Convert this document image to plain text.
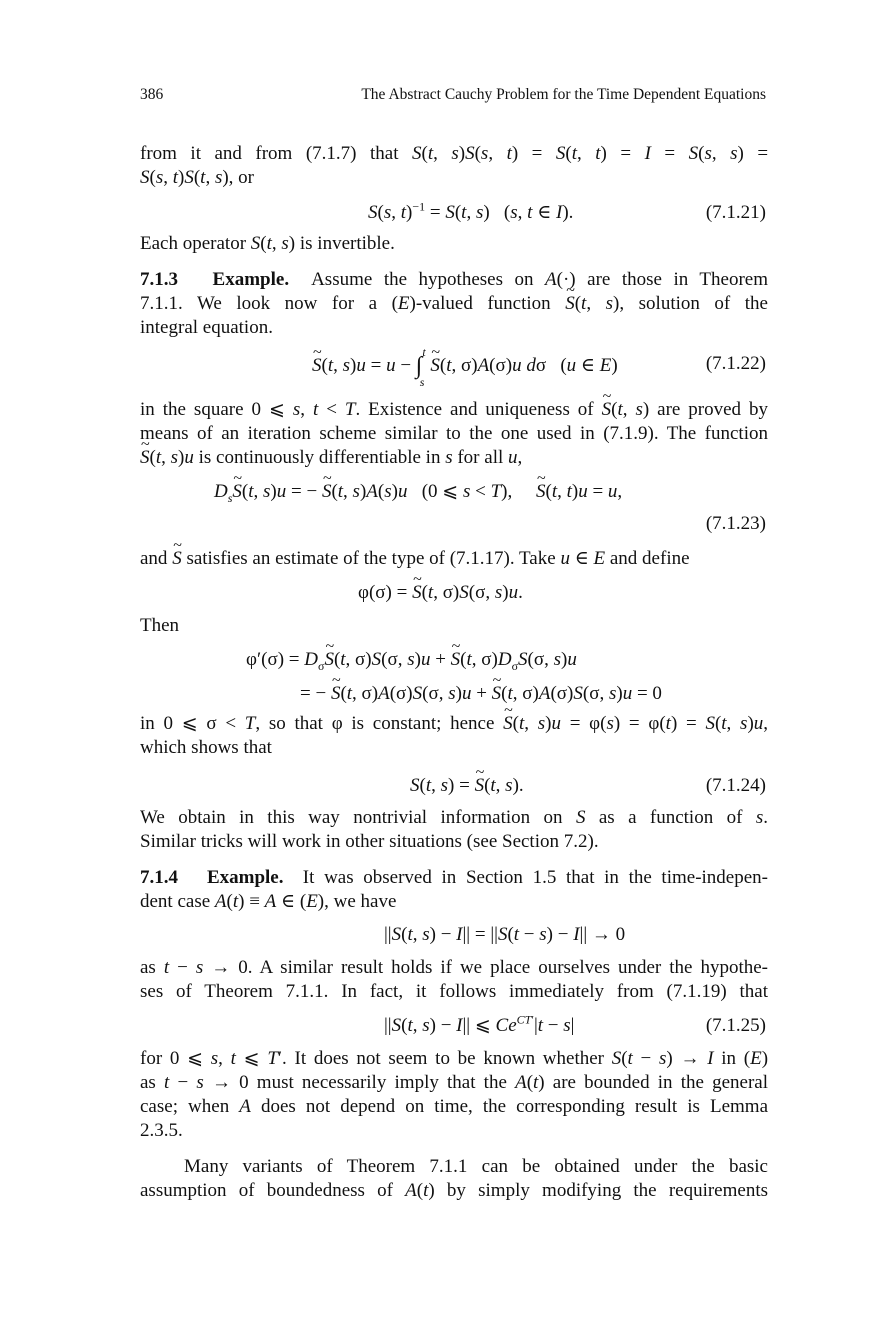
386	The Abstract Cauchy Problem for the Time Dependent Equations
from it and from (7.1.7) that S(t, s)S(s, t) = S(t, t) = I = S(s, s) =
S(s, t)S(t, s), or
S(s, t)$^{-1}$ = S(t, s)   (s, t ∈ I).	(7.1.21)
Each operator S(t, s) is invertible.
7.1.3   Example.  Assume the hypotheses on A(·) are those in Theorem
7.1.1. We look now for a (E)-valued function ~ S(t, s), solution of the
integral equation.
~ S(t, s)u = u − ∫$^t_s$~ S(t, σ)A(σ)u dσ   (u ∈ E)	(7.1.22)
in the square 0 ⩽ s, t < T. Existence and uniqueness of ~ S(t, s) are proved by
means of an iteration scheme similar to the one used in (7.1.9). The function
~ S(t, s)u is continuously differentiable in s for all u,
$D_s\sim$ S(t, s)u = − ~ S(t, s)A(s)u   (0 ⩽ s < T),     ~ S(t, t)u = u,
(7.1.23)
and ~ S satisfies an estimate of the type of (7.1.17). Take u ∈ E and define
φ(σ) = ~ S(t, σ)S(σ, s)u.
Then
$\varphi'(\sigma) = D_\sigma\sim$ S(t, σ)S(σ, s)u + ~ S(t, $\sigma)D_\sigma S(\sigma$, s)u
= − ~ S(t, σ)A(σ)S(σ, s)u + ~ S(t, σ)A(σ)S(σ, s)u = 0
in 0 ⩽ σ < T, so that φ is constant; hence ~ S(t, s)u = φ(s) = φ(t) = S(t, s)u,
which shows that
S(t, s) = ~ S(t, s).	(7.1.24)
We obtain in this way nontrivial information on S as a function of s.
Similar tricks will work in other situations (see Section 7.2).
7.1.4   Example.  It was observed in Section 1.5 that in the time-indepen-
dent case A(t) ≡ A ∈ (E), we have
||S(t, s) − I|| = ||S(t − s) − I|| → 0
as t − s → 0. A similar result holds if we place ourselves under the hypothe-
ses of Theorem 7.1.1. In fact, it follows immediately from (7.1.19) that
||S(t, s) − I|| ⩽ $Ce^{CT'}|t - s|$	(7.1.25)
for 0 ⩽ s, t ⩽ T′. It does not seem to be known whether S(t − s) → I in (E)
as t − s → 0 must necessarily imply that the A(t) are bounded in the general
case; when A does not depend on time, the corresponding result is Lemma
2.3.5.
Many variants of Theorem 7.1.1 can be obtained under the basic
assumption of boundedness of A(t) by simply modifying the requirements
